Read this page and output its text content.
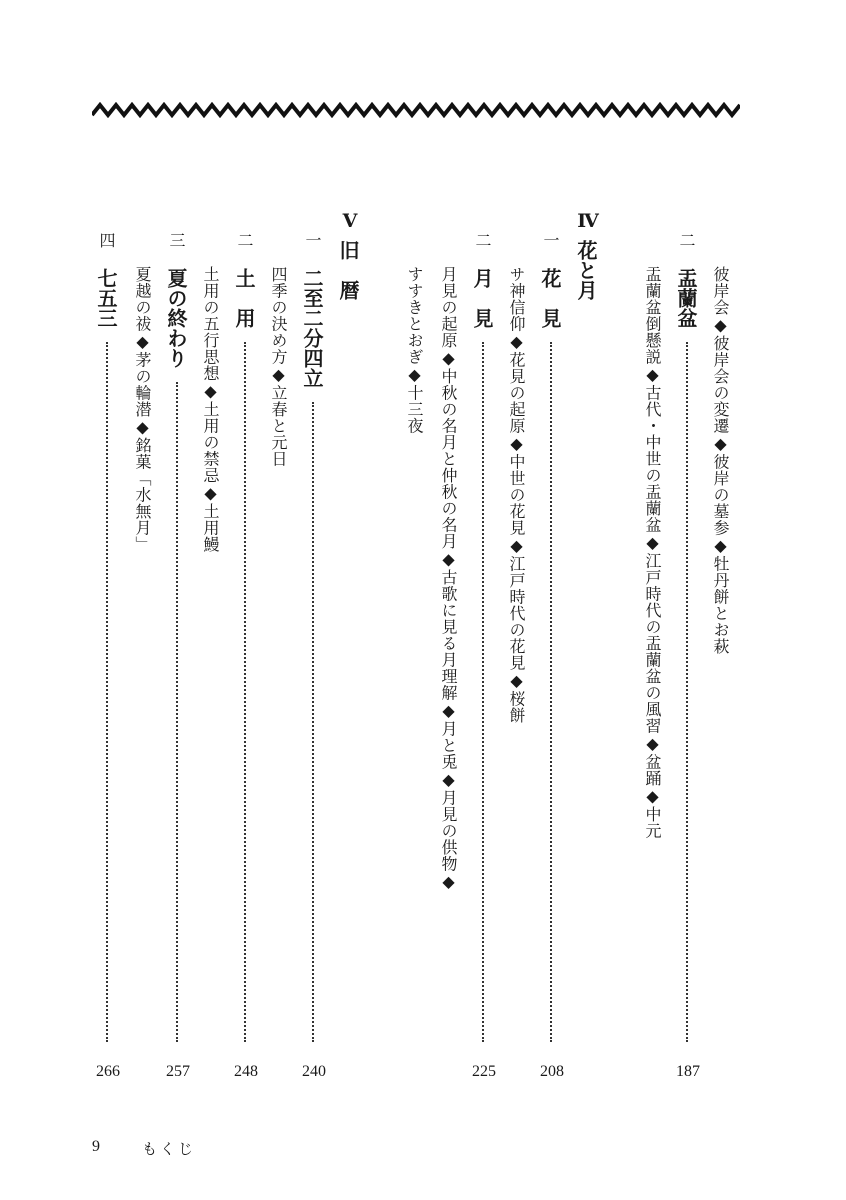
二
盂蘭盆
187
彼岸会◆彼岸会の変遷◆彼岸の墓参◆牡丹餅とお萩
盂蘭盆倒懸説◆古代・中世の盂蘭盆◆江戸時代の盂蘭盆の風習◆盆踊◆中元
Ⅳ
花と月
一
花　見
208
サ神信仰◆花見の起原◆中世の花見◆江戸時代の花見◆桜餅
二
月　見
225
月見の起原◆中秋の名月と仲秋の名月◆古歌に見る月理解◆月と兎◆月見の供物◆
すすきとおぎ◆十三夜
Ⅴ
旧　暦
一
二至二分四立
240
四季の決め方◆立春と元日
二
土　用
248
土用の五行思想◆土用の禁忌◆土用鰻
三
夏の終わり
257
夏越の祓◆茅の輪潜◆銘菓「水無月」
四
七五三
266
9	もくじ
